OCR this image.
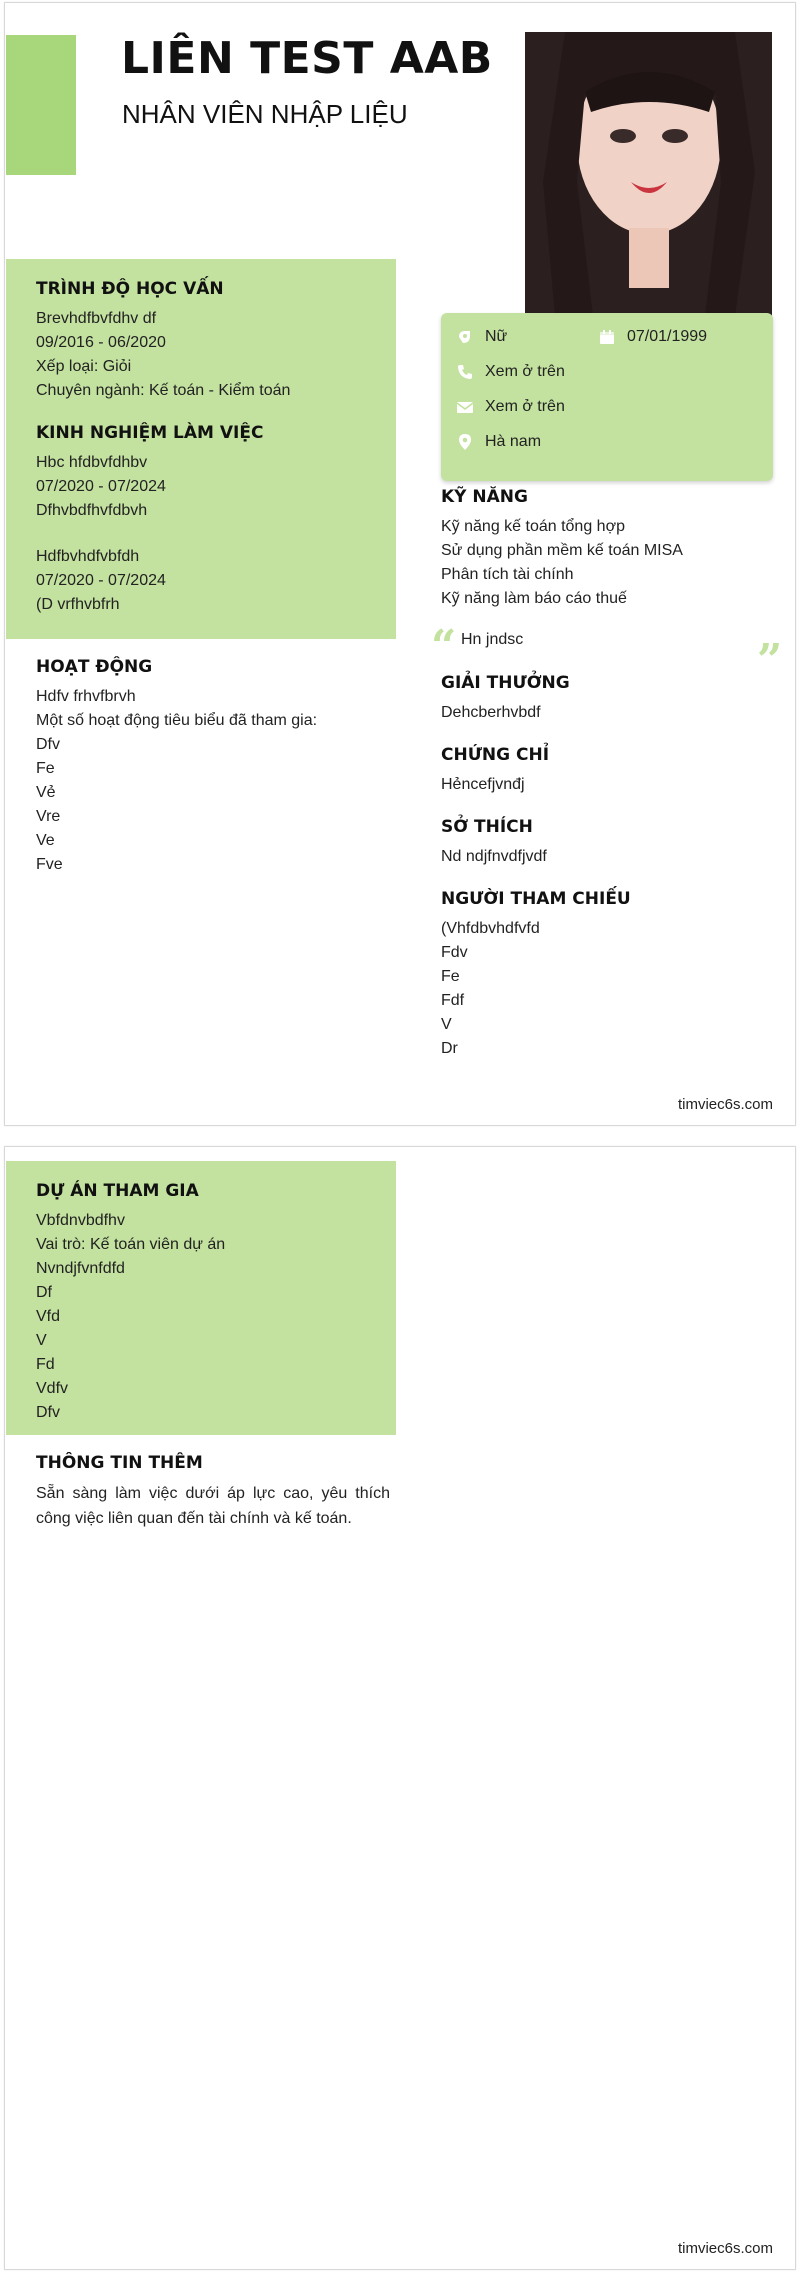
LIÊN TEST AAB
NHÂN VIÊN NHẬP LIỆU
TRÌNH ĐỘ HỌC VẤN
Brevhdfbvfdhv df
09/2016 - 06/2020
Xếp loại: Giỏi
Chuyên ngành: Kế toán - Kiểm toán
KINH NGHIỆM LÀM VIỆC
Hbc hfdbvfdhbv
07/2020 - 07/2024
Dfhvbdfhvfdbvh
Hdfbvhdfvbfdh
07/2020 - 07/2024
(D vrfhvbfrh
Nữ	07/01/1999
Xem ở trên
Xem ở trên
Hà nam
KỸ NĂNG
Kỹ năng kế toán tổng hợp
Sử dụng phần mềm kế toán MISA
Phân tích tài chính
Kỹ năng làm báo cáo thuế
“ Hn jndsc	”
GIẢI THƯỞNG
Dehcberhvbdf
CHỨNG CHỈ
Hẻncefjvnđj
SỞ THÍCH
Nd ndjfnvdfjvdf
NGƯỜI THAM CHIẾU
(Vhfdbvhdfvfd
Fdv
Fe
Fdf
V
Dr
HOẠT ĐỘNG
Hdfv frhvfbrvh
Một số hoạt động tiêu biểu đã tham gia:
Dfv
Fe
Vẻ
Vre
Ve
Fve
timviec6s.com
DỰ ÁN THAM GIA
Vbfdnvbdfhv
Vai trò: Kế toán viên dự án
Nvndjfvnfdfd
Df
Vfd
V
Fd
Vdfv
Dfv
THÔNG TIN THÊM
Sẵn sàng làm việc dưới áp lực cao, yêu thích công việc liên quan đến tài chính và kế toán.
timviec6s.com
